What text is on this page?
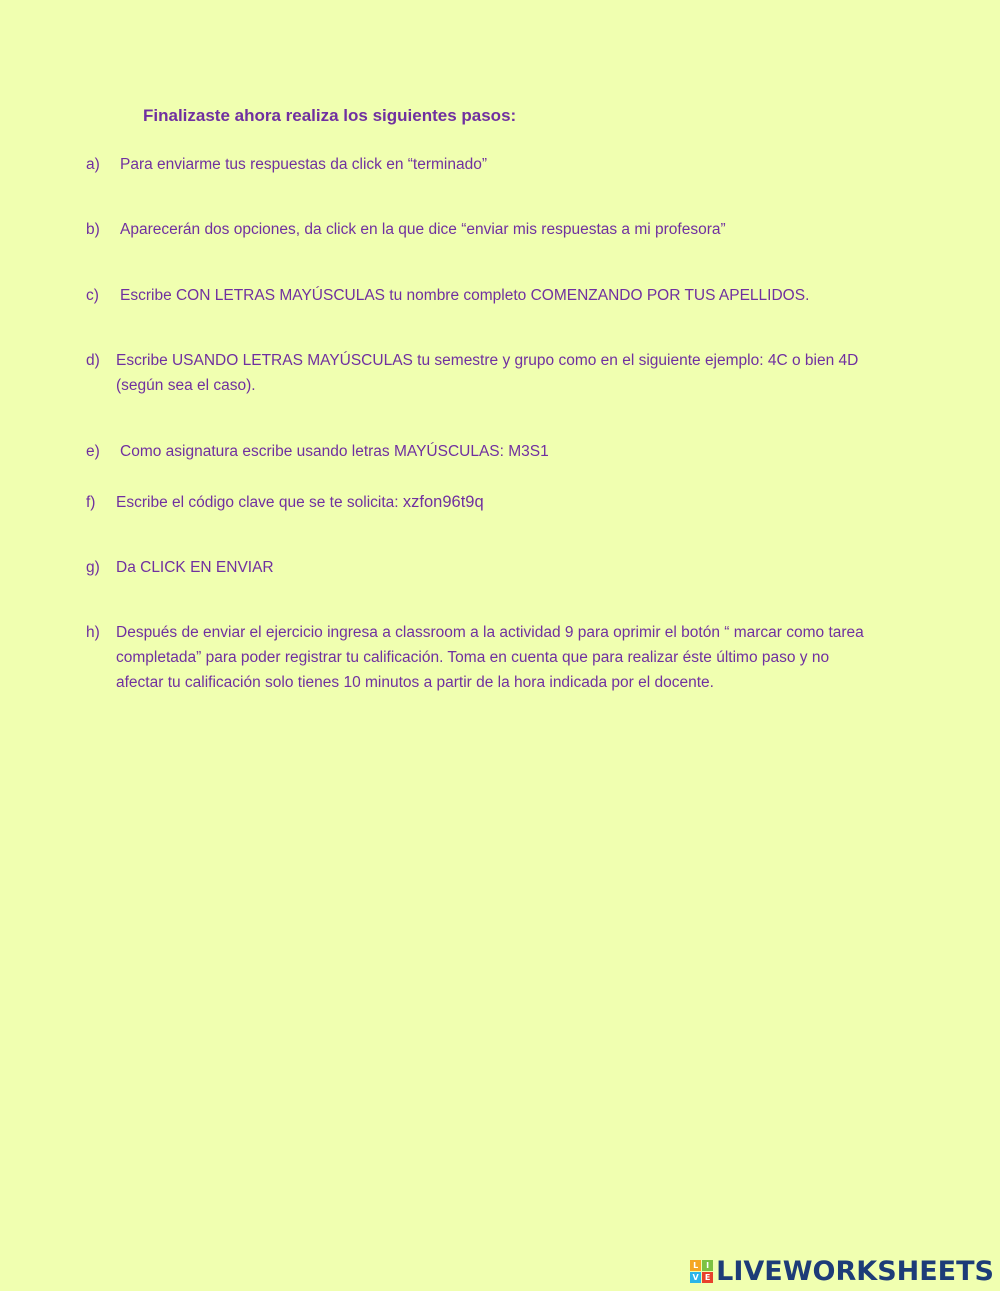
Finalizaste ahora realiza los siguientes pasos:
a) Para enviarme tus respuestas da click en “terminado”
b) Aparecerán dos opciones, da click en la que dice “enviar mis respuestas a mi profesora”
c) Escribe CON LETRAS MAYÚSCULAS tu nombre completo COMENZANDO POR TUS APELLIDOS.
d) Escribe USANDO LETRAS MAYÚSCULAS tu semestre y grupo como en el siguiente ejemplo: 4C o bien 4D (según sea el caso).
e) Como asignatura escribe usando letras MAYÚSCULAS: M3S1
f) Escribe el código clave que se te solicita: xzfon96t9q
g) Da CLICK EN ENVIAR
h) Después de enviar el ejercicio ingresa a classroom a la actividad 9 para oprimir el botón “ marcar como tarea completada” para poder registrar tu calificación. Toma en cuenta que para realizar éste último paso y no afectar tu calificación solo tienes 10 minutos a partir de la hora indicada por el docente.
L I
V E LIVEWORKSHEETS
